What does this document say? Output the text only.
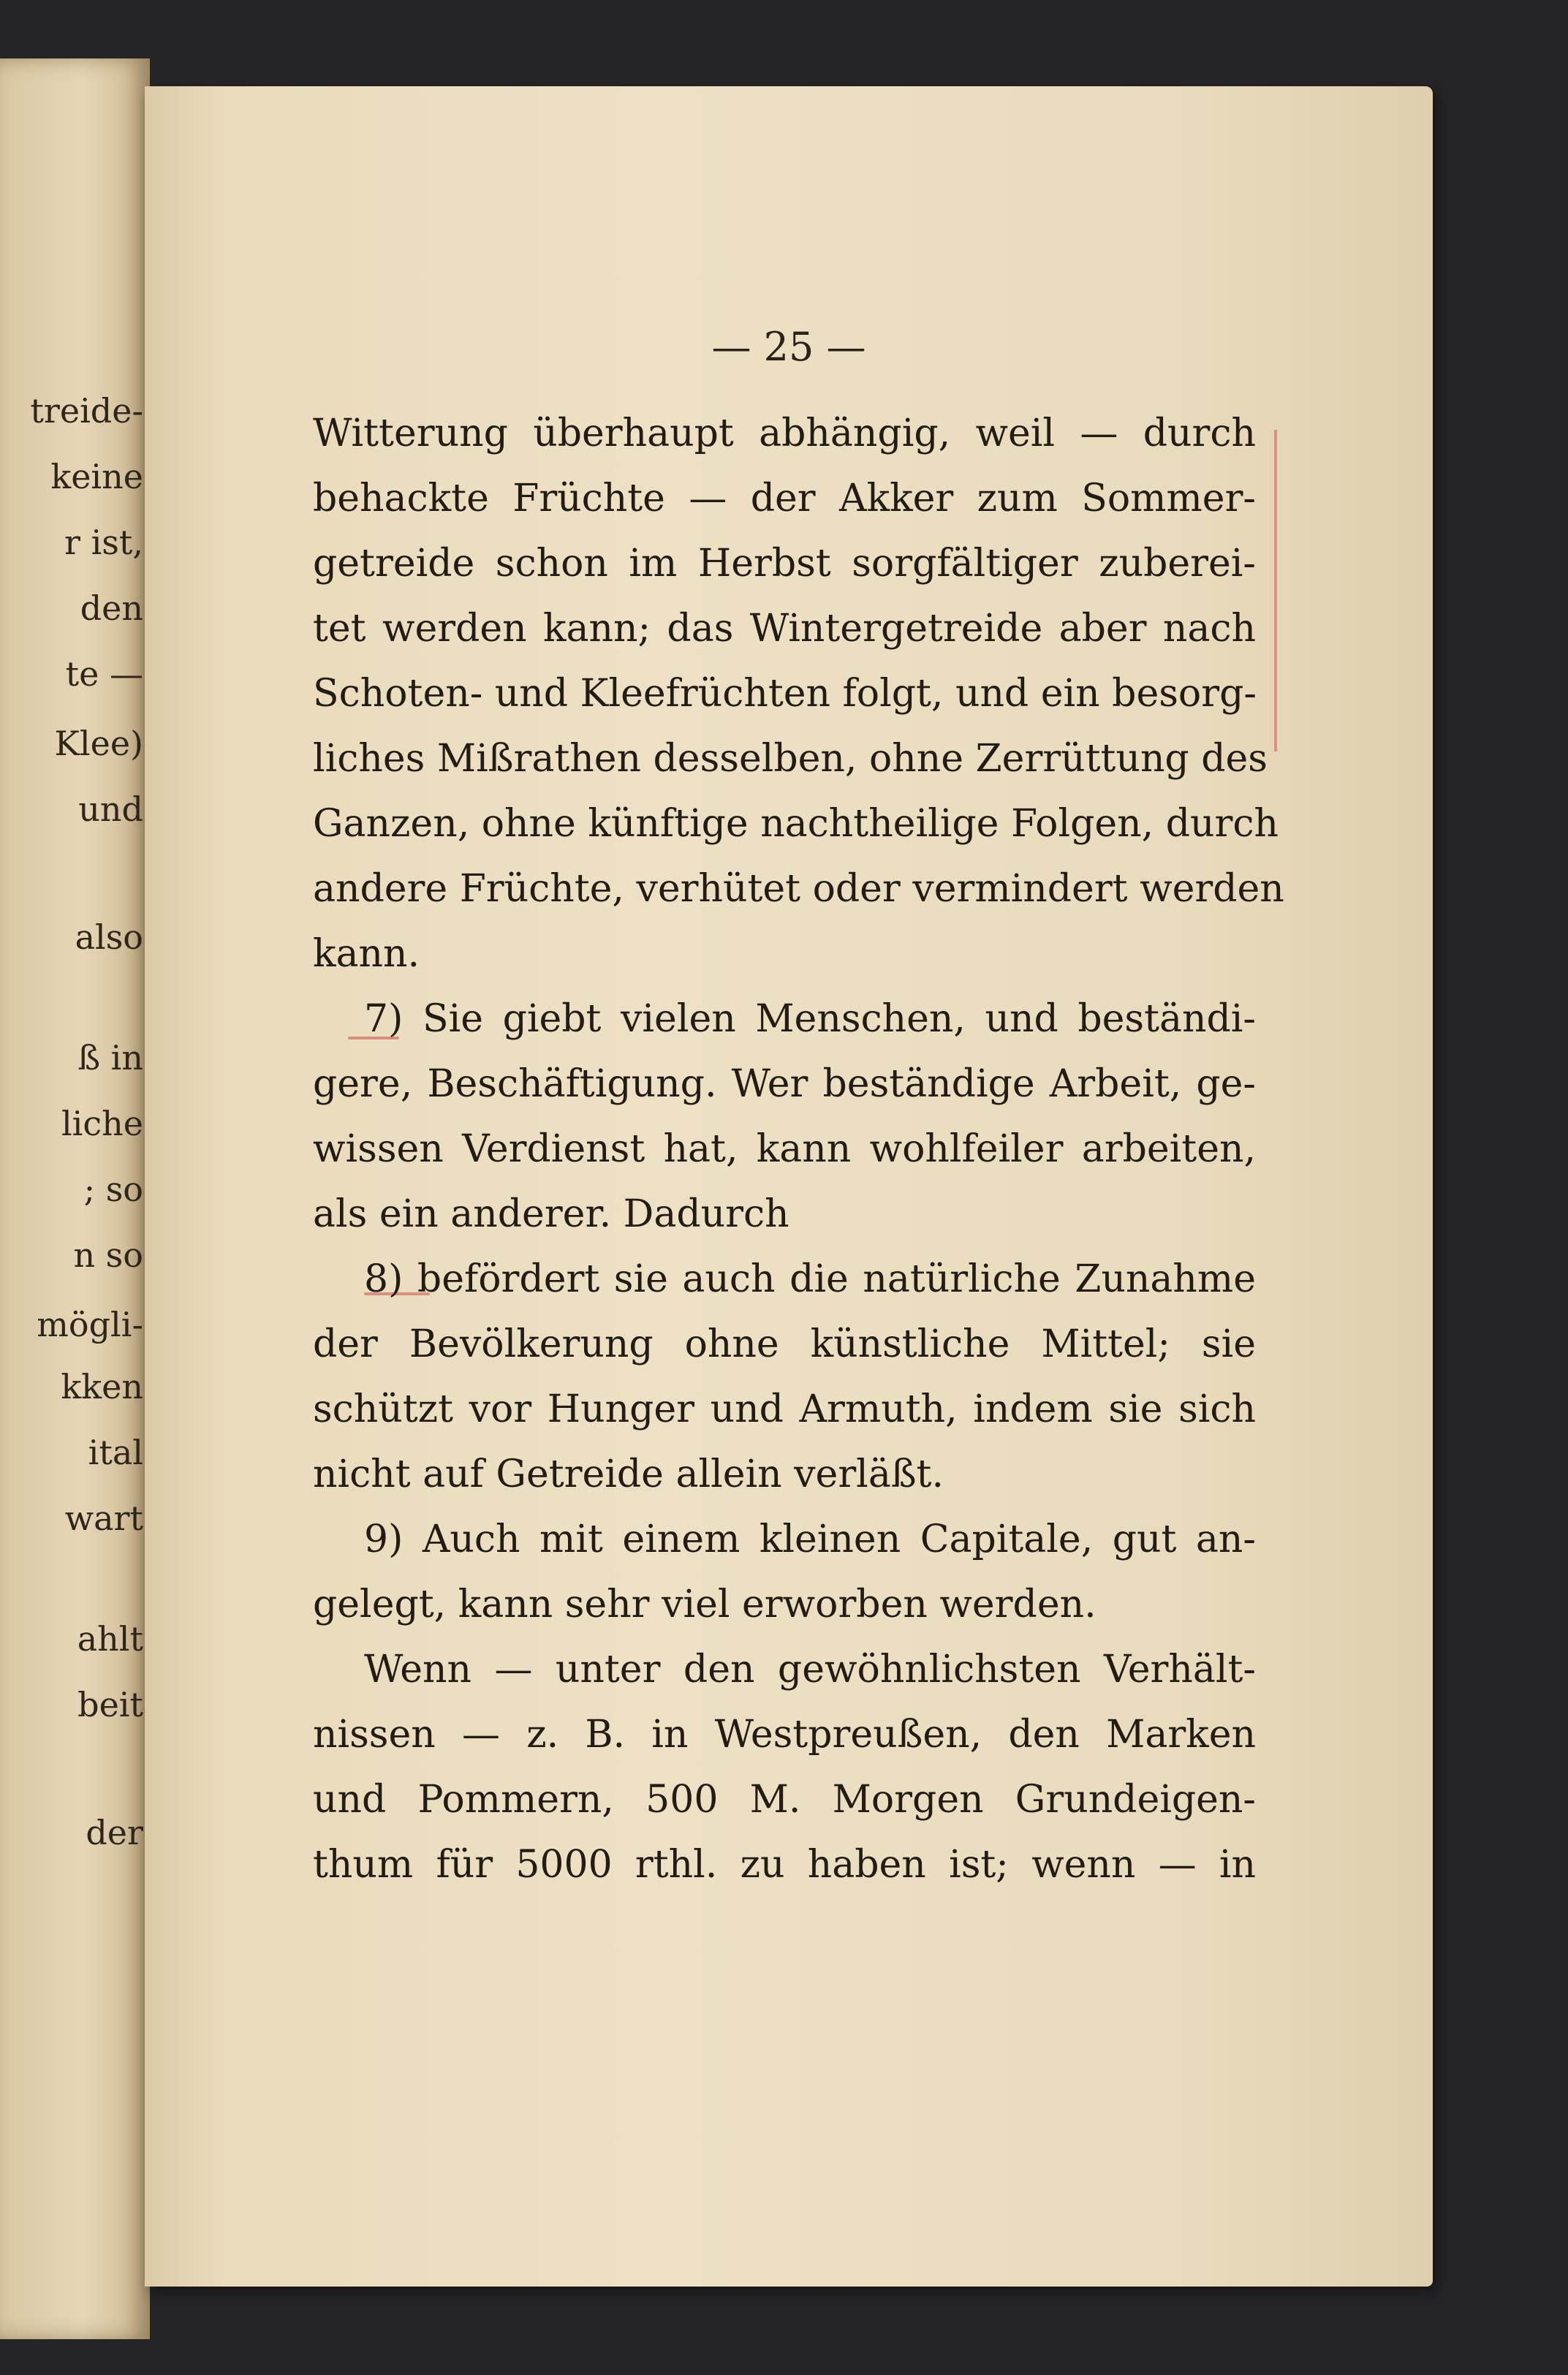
treide-
keine
r ist,
den
te —
Klee)
und
also
ß in
liche
; so
n so
mögli-
kken
ital
wart
ahlt
beit
der
— 25 —
Witterung überhaupt abhängig, weil — durch
behackte Früchte — der Akker zum Sommer-
getreide schon im Herbst sorgfältiger zuberei-
tet werden kann; das Wintergetreide aber nach
Schoten- und Kleefrüchten folgt, und ein besorg-
liches Mißrathen desselben, ohne Zerrüttung des
Ganzen, ohne künftige nachtheilige Folgen, durch
andere Früchte, verhütet oder vermindert werden
kann.
7) Sie giebt vielen Menschen, und beständi-
gere, Beschäftigung. Wer beständige Arbeit, ge-
wissen Verdienst hat, kann wohlfeiler arbeiten,
als ein anderer. Dadurch
8) befördert sie auch die natürliche Zunahme
der Bevölkerung ohne künstliche Mittel; sie
schützt vor Hunger und Armuth, indem sie sich
nicht auf Getreide allein verläßt.
9) Auch mit einem kleinen Capitale, gut an-
gelegt, kann sehr viel erworben werden.
Wenn — unter den gewöhnlichsten Verhält-
nissen — z. B. in Westpreußen, den Marken
und Pommern, 500 M. Morgen Grundeigen-
thum für 5000 rthl. zu haben ist; wenn — in
